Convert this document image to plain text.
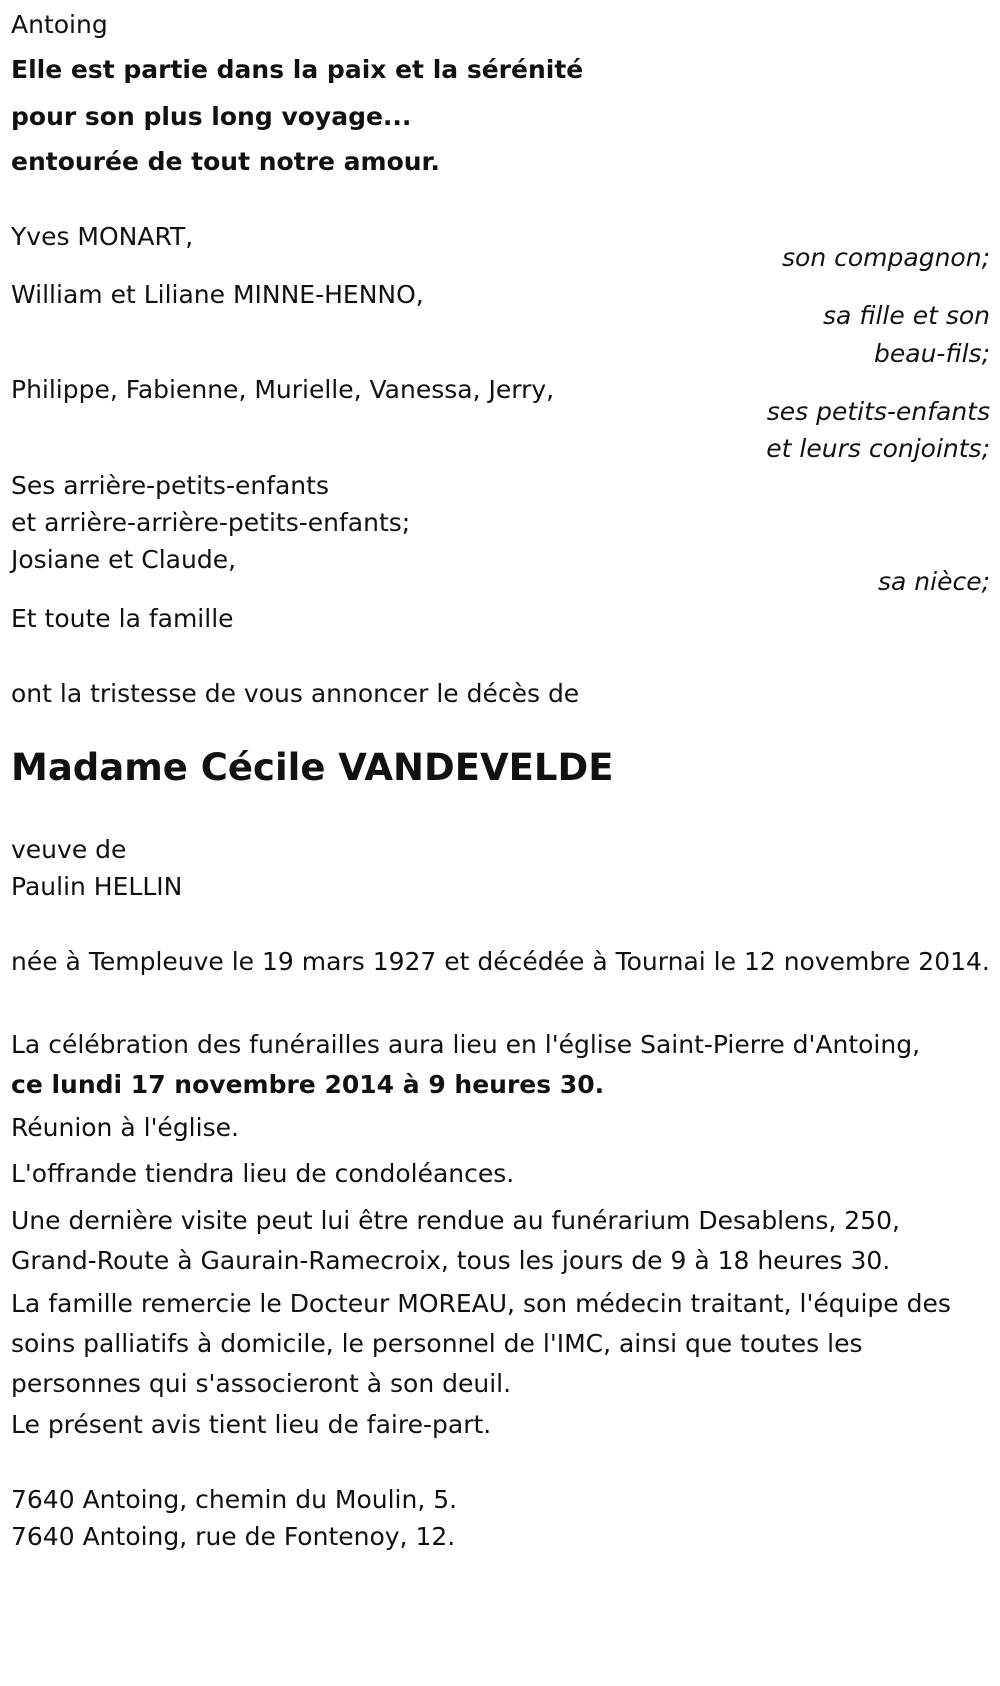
Antoing
Elle est partie dans la paix et la sérénité
pour son plus long voyage...
entourée de tout notre amour.
Yves MONART,
son compagnon;
William et Liliane MINNE-HENNO,
sa fille et son
beau-fils;
Philippe, Fabienne, Murielle, Vanessa, Jerry,
ses petits-enfants
et leurs conjoints;
Ses arrière-petits-enfants
et arrière-arrière-petits-enfants;
Josiane et Claude,
sa nièce;
Et toute la famille
ont la tristesse de vous annoncer le décès de
Madame Cécile VANDEVELDE
veuve de
Paulin HELLIN
née à Templeuve le 19 mars 1927 et décédée à Tournai le 12 novembre 2014.
La célébration des funérailles aura lieu en l'église Saint-Pierre d'Antoing,
ce lundi 17 novembre 2014 à 9 heures 30.
Réunion à l'église.
L'offrande tiendra lieu de condoléances.
Une dernière visite peut lui être rendue au funérarium Desablens, 250, Grand-Route à Gaurain-Ramecroix, tous les jours de 9 à 18 heures 30.
La famille remercie le Docteur MOREAU, son médecin traitant, l'équipe des soins palliatifs à domicile, le personnel de l'IMC, ainsi que toutes les personnes qui s'associeront à son deuil.
Le présent avis tient lieu de faire-part.
7640 Antoing, chemin du Moulin, 5.
7640 Antoing, rue de Fontenoy, 12.
